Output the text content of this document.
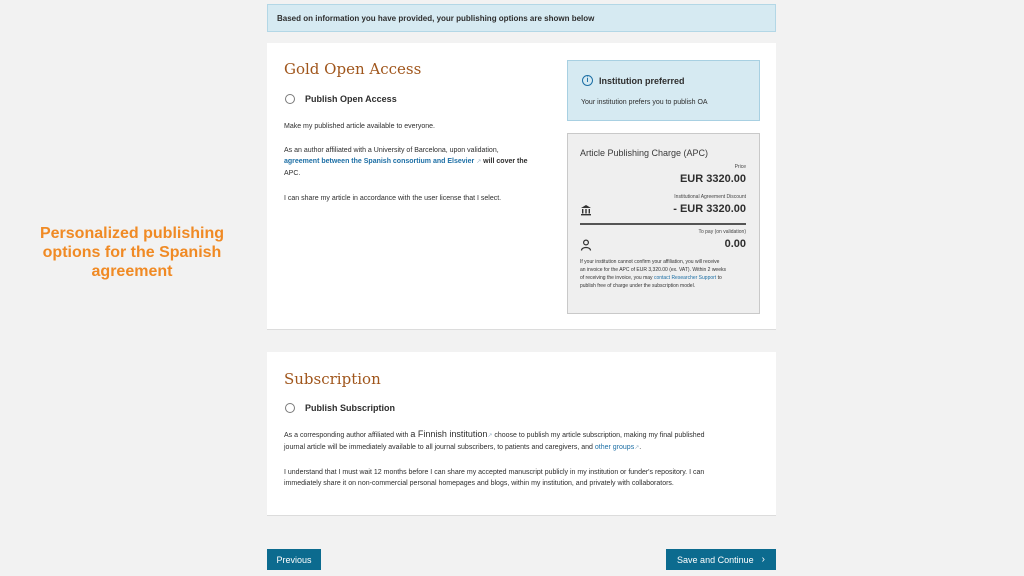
Personalized publishing options for the Spanish agreement
Based on information you have provided, your publishing options are shown below
Gold Open Access
Publish Open Access
Make my published article available to everyone.
As an author affiliated with a University of Barcelona, upon validation,
agreement between the Spanish consortium and Elsevier ↗ will cover the
APC.
I can share my article in accordance with the user license that I select.
i	Institution preferred
Your institution prefers you to publish OA
Article Publishing Charge (APC)
Price
EUR 3320.00
Institutional Agreement Discount
- EUR 3320.00
To pay (on validation)
0.00
If your institution cannot confirm your affiliation, you will receive
an invoice for the APC of EUR 3,320.00 (ex. VAT). Within 2 weeks
of receiving the invoice, you may contact Researcher Support to
publish free of charge under the subscription model.
Subscription
Publish Subscription
As a corresponding author affiliated with a Finnish institution↗ choose to publish my article subscription, making my final published
journal article will be immediately available to all journal subscribers, to patients and caregivers, and other groups↗.
I understand that I must wait 12 months before I can share my accepted manuscript publicly in my institution or funder's repository. I can
immediately share it on non-commercial personal homepages and blogs, within my institution, and privately with collaborators.
Previous	Save and Continue ›
